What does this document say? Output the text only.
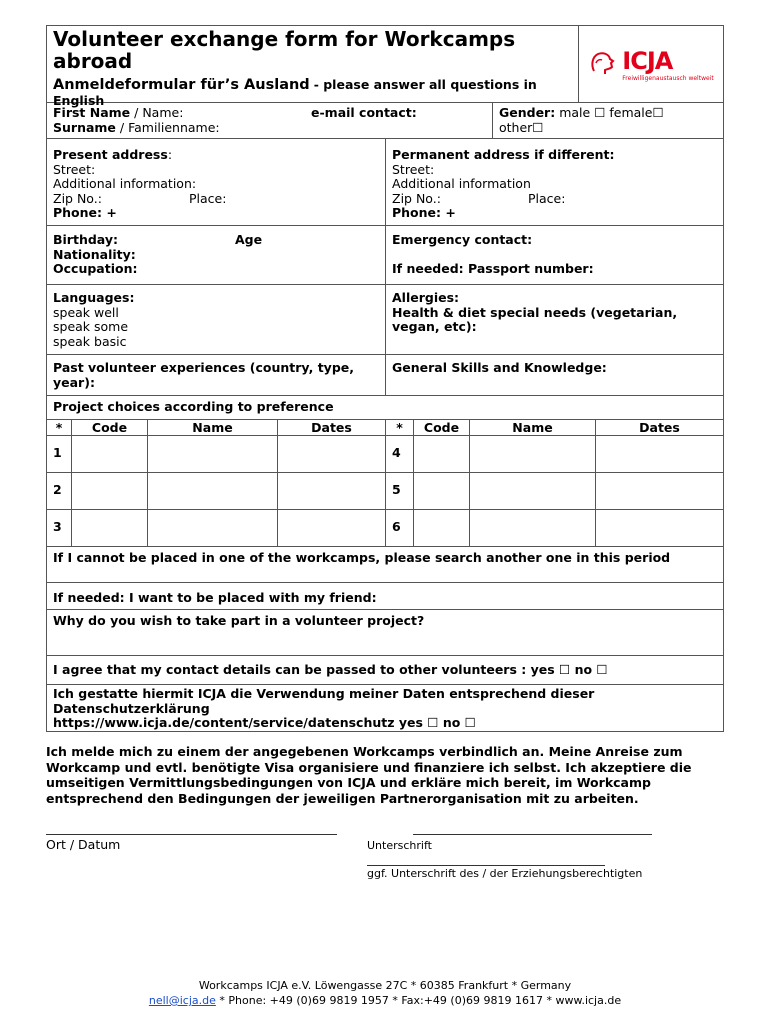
Volunteer exchange form for Workcamps abroad
Anmeldeformular für’s Ausland - please answer all questions in English
ICJA
Freiwilligenaustausch weltweit
First Name / Name:
Surname / Familienname:
e-mail contact:	Gender: male ☐ female☐
other☐
Present address:
Street:
Additional information:
Zip No.:	Place:
Phone: +
Permanent address if different:
Street:
Additional information
Zip No.:	Place:
Phone: +
Birthday:	Age
Nationality:
Occupation:
Emergency contact:
If needed: Passport number:
Languages:
speak well
speak some
speak basic
Allergies:
Health & diet special needs (vegetarian, vegan, etc):
Past volunteer experiences (country, type, year):
General Skills and Knowledge:
Project choices according to preference
*	Code	Name	Dates	*	Code	Name	Dates
1	4
2	5
3	6
If I cannot be placed in one of the workcamps, please search another one in this period
If needed: I want to be placed with my friend:
Why do you wish to take part in a volunteer project?
I agree that my contact details can be passed to other volunteers : yes ☐ no ☐
Ich gestatte hiermit ICJA die Verwendung meiner Daten entsprechend dieser Datenschutzerklärung
https://www.icja.de/content/service/datenschutz yes ☐ no ☐
Ich melde mich zu einem der angegebenen Workcamps verbindlich an. Meine Anreise zum Workcamp und evtl. benötigte Visa organisiere und finanziere ich selbst. Ich akzeptiere die umseitigen Vermittlungsbedingungen von ICJA und erkläre mich bereit, im Workcamp entsprechend den Bedingungen der jeweiligen Partnerorganisation mit zu arbeiten.
Ort / Datum	Unterschrift
ggf. Unterschrift des / der Erziehungsberechtigten
Workcamps ICJA e.V. Löwengasse 27C * 60385 Frankfurt * Germany
nell@icja.de * Phone: +49 (0)69 9819 1957 * Fax:+49 (0)69 9819 1617 * www.icja.de
